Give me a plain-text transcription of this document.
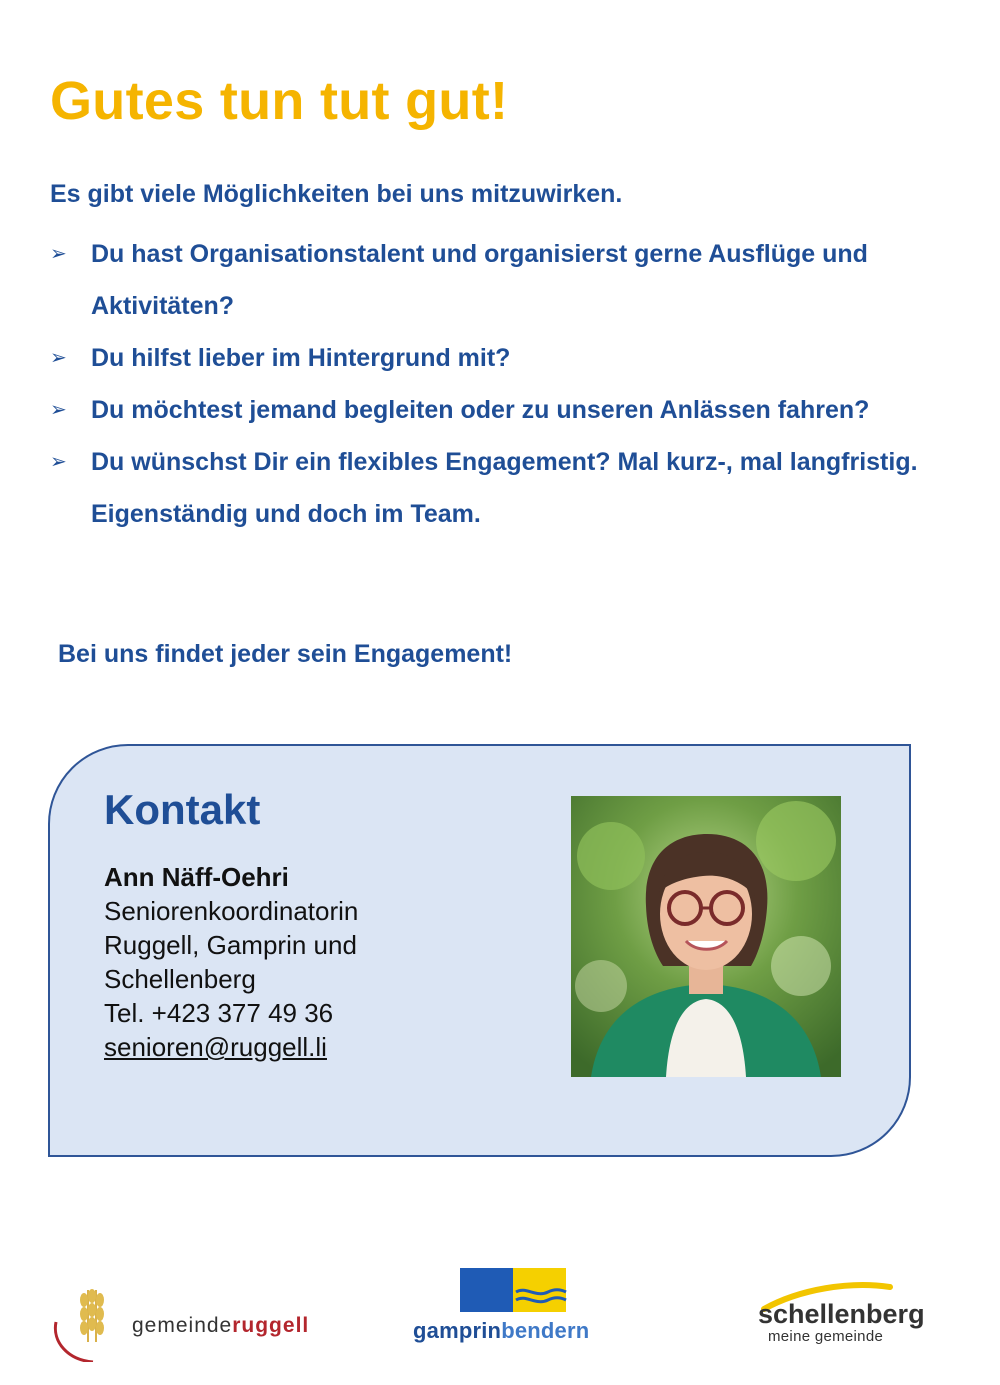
Gutes tun tut gut!

Es gibt viele Möglichkeiten bei uns mitzuwirken.

➢ Du hast Organisationstalent und organisierst gerne Ausflüge und Aktivitäten?
➢ Du hilfst lieber im Hintergrund mit?
➢ Du möchtest jemand begleiten oder zu unseren Anlässen fahren?
➢ Du wünschst Dir ein flexibles Engagement? Mal kurz-, mal langfristig. Eigenständig und doch im Team.

Bei uns findet jeder sein Engagement!

Kontakt
Ann Näff-Oehri
Seniorenkoordinatorin
Ruggell, Gamprin und
Schellenberg
Tel. +423 377 49 36
senioren@ruggell.li
gemeinderuggell	gamprinbendern
schellenberg
meine gemeinde
